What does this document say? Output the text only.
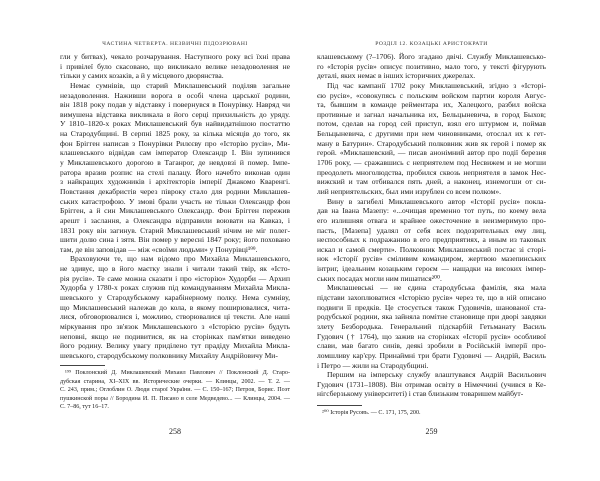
ЧАСТИНА ЧЕТВЕРТА. НЕЗВИЧНІ ПІДОЗРЮВАНІ
гли у битвах), чекало розчарування. Наступного року всі їхні права
і привілеї було скасовано, що викликало велике незадоволення не
тільки у самих козаків, а й у місцевого дворянства.
Немає сумнівів, що старий Миклашевський поділяв загальне
незадоволення. Наживши ворога в особі члена царської родини,
він 1818 року подав у відставку і повернувся в Понурівку. Навряд чи
вимушена відставка викликала в його серці прихильність до уряду.
У 1810–1820-х роках Миклашевський був найвидатнішою постаттю
на Стародубщині. В серпні 1825 року, за кілька місяців до того, як
фон Брігген написав з Понурівки Рилєєву про «Історію русів», Ми-
клашевського відвідав сам імператор Олександр I. Він зупинився
у Миклашевського дорогою в Таганрог, де невдовзі й помер. Імпе-
ратора вразив розпис на стелі палацу. Його начебто виконав один
з найкращих художників і архітекторів імперії Джакомо Кваренгі.
Повстання декабристів через півроку стало для родини Миклашев-
ських катастрофою. У змові брали участь не тільки Олександр фон
Брігген, а й син Миклашевського Олександр. Фон Брігген пережив
арешт і заслання, а Олександра відправили воювати на Кавказ, і
1831 року він загинув. Старий Миклашевський нічим не міг полег-
шити долю сина і зятя. Він помер у вересні 1847 року; його поховано
там, де він заповідав — між «своїми людьми» у Понурівці¹⁹⁹.
Враховуючи те, що нам відомо про Михайла Миклашевського,
не здивує, що в його маєтку знали і читали такий твір, як «Істо-
рія русів». Те саме можна сказати і про «історію» Худорби — Архип
Худорба у 1780-х роках служив під командуванням Михайла Микла-
шевського у Стародубському карабінерному полку. Нема сумніву,
що Миклашевський належав до кола, в якому поширювалися, чита-
лися, обговорювалися і, можливо, створювалися ці тексти. Але наші
міркування про зв'язок Миклашевського з «Історією русів» будуть
неповні, якщо не подивитися, як на сторінках пам'ятки виведено
його родину. Велику увагу приділено тут прадіду Михайла Микла-
шевського, стародубському полковнику Михайлу Андрійовичу Ми-
¹⁹⁹ Поклонский Д. Миклашевский Михаил Павлович // Поклонский Д. Старо-
дубская старина, XI–XIX вв. Исторические очерки. — Клинцы, 2002. — Т. 2. —
С. 243, прим.; Оглоблин О. Люди старої України. — С. 150–167; Петров, Борис. Поэт
пушкинской поры // Бородина И. П. Писано в селе Медведево... — Клинцы, 2004. —
С. 7–86, тут 16–17.
258
РОЗДІЛ 12. КОЗАЦЬКІ АРИСТОКРАТИ
клашевському (?–1706). Його згадано двічі. Службу Миклашевсько-
го «Історія русів» описує позитивно, мало того, у тексті фігурують
деталі, яких немає в інших історичних джерелах.
Під час кампанії 1702 року Миклашевський, згідно з «Історі-
єю русів», «совокупясь с польским войском партии короля Авгус-
та, бывшим в команде рейментара их, Халецкого, разбил войска
противные и загнал начальника их, Бельцыневича, в город Быхов;
потом, сделав на город сей приступ, взял его штурмом и, поймав
Бельцыневича, с другими при нем чиновниками, отослал их к гет-
ману в Батурин». Стародубський полковник жив як герой і помер як
герой. «Миклашевский, — писав анонімний автор про події березня
1706 року, — сражавшись с неприятелем под Несвижем и не могши
преодолеть многолюдства, пробился сквозь неприятеля в замок Нес-
вижский и там отбивался пять дней, а наконец, изнемогши от си-
лий неприятельских, был ими изрублен со всем полком».
Вину в загибелі Миклашевського автор «Історії русів» покла-
дав на Івана Мазепу: «...очищая временно тот путь, по коему вела
его излишняя отвага и крайнее ожесточение в неизмеримую про-
пасть, [Мазепа] удалял от себя всех подозрительных ему лиц,
неспособных к подражанию в его предприятиях, а иным из таковых
искал и самой смерти». Полковник Миклашевський постає зі сторі-
нок «Історії русів» сміливим командиром, жертвою мазепинських
інтриг, ідеальним козацьким героєм — нащадки на високих імпер-
ських посадах могли ним пишатися²⁰⁰.
Миклашевські — не єдина стародубська фамілія, яка мала
підстави захоплюватися «Історією русів» через те, що в ній описано
подвиги її предків. Це стосується також Гудовичів, шанованої ста-
родубської родини, яка зайняла помітне становище при дворі завдяки
злету Безбородька. Генеральний підскарбій Гетьманату Василь
Гудович († 1764), що зажив на сторінках «Історії русів» особливої
слави, мав багато синів, деякі зробили в Російській імперії про-
ломшливу кар'єру. Принаймні три брати Гудовичі — Андрій, Василь
і Петро — жили на Стародубщині.
Першим на імперську службу влаштувався Андрій Васильович
Гудович (1731–1808). Він отримав освіту в Німеччині (учився в Ке-
нігсберзькому університеті) і став близьким товаришем майбут-
²⁰⁰ Історія Русовъ. — С. 171, 175, 200.
259
